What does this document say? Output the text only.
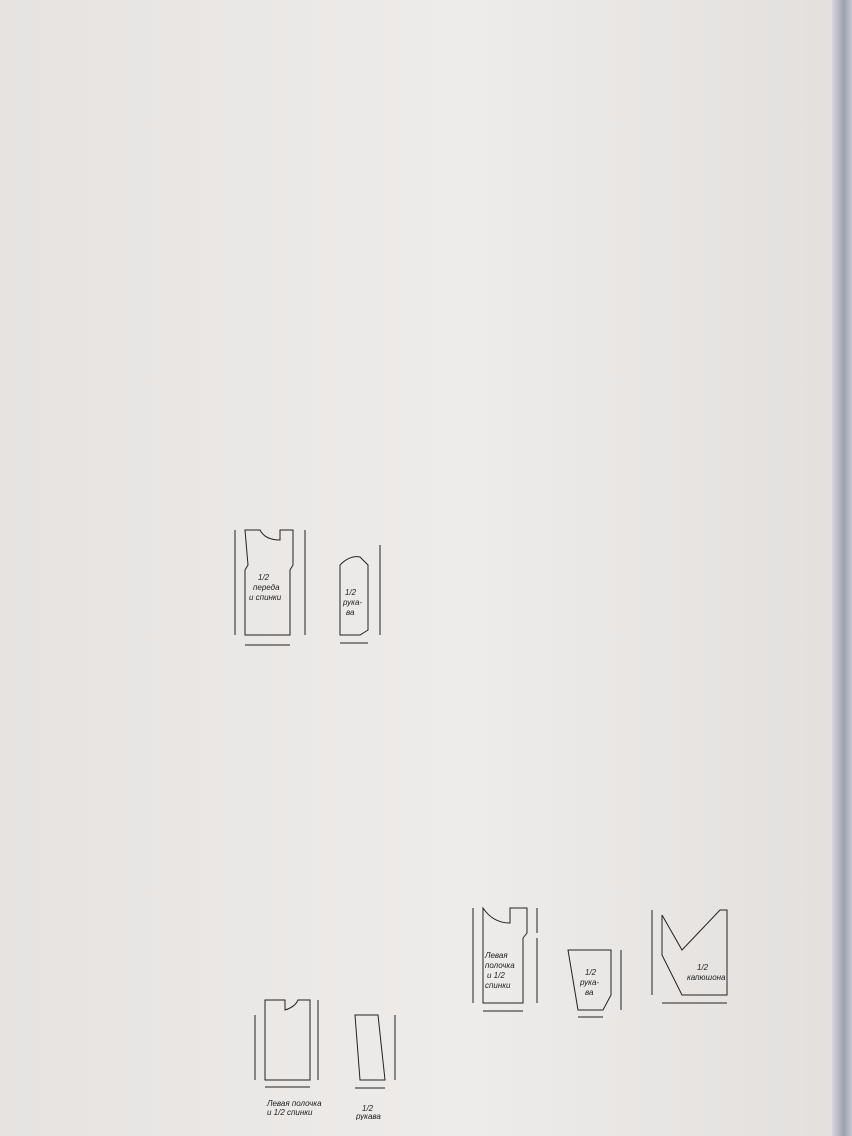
1/2
переда
и спинки
1/2
рука-
ва
Левая полочка
и 1/2 спинки	1/2
рукава
Левая
полочка
и 1/2
спинки
1/2
рука-
ва
1/2
капюшона
